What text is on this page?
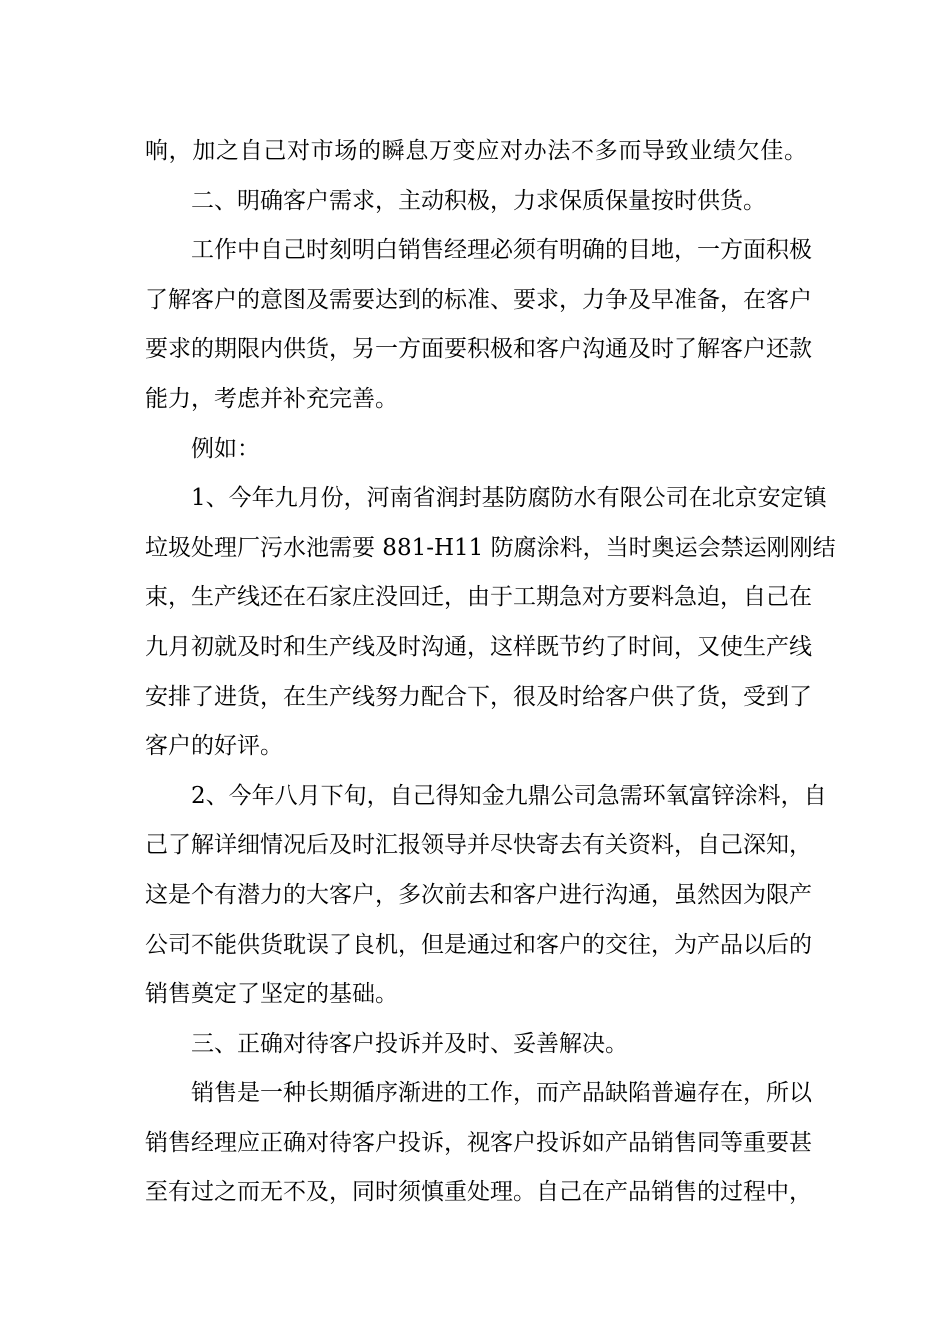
响，加之自己对市场的瞬息万变应对办法不多而导致业绩欠佳。
二、明确客户需求，主动积极，力求保质保量按时供货。
工作中自己时刻明白销售经理必须有明确的目地，一方面积极
了解客户的意图及需要达到的标准、要求，力争及早准备，在客户
要求的期限内供货，另一方面要积极和客户沟通及时了解客户还款
能力，考虑并补充完善。
例如：
1、今年九月份，河南省润封基防腐防水有限公司在北京安定镇
垃圾处理厂污水池需要 881-H11 防腐涂料，当时奥运会禁运刚刚结
束，生产线还在石家庄没回迁，由于工期急对方要料急迫，自己在
九月初就及时和生产线及时沟通，这样既节约了时间，又使生产线
安排了进货，在生产线努力配合下，很及时给客户供了货，受到了
客户的好评。
2、今年八月下旬，自己得知金九鼎公司急需环氧富锌涂料，自
己了解详细情况后及时汇报领导并尽快寄去有关资料，自己深知，
这是个有潜力的大客户，多次前去和客户进行沟通，虽然因为限产
公司不能供货耽误了良机，但是通过和客户的交往，为产品以后的
销售奠定了坚定的基础。
三、正确对待客户投诉并及时、妥善解决。
销售是一种长期循序渐进的工作，而产品缺陷普遍存在，所以
销售经理应正确对待客户投诉，视客户投诉如产品销售同等重要甚
至有过之而无不及，同时须慎重处理。自己在产品销售的过程中，
